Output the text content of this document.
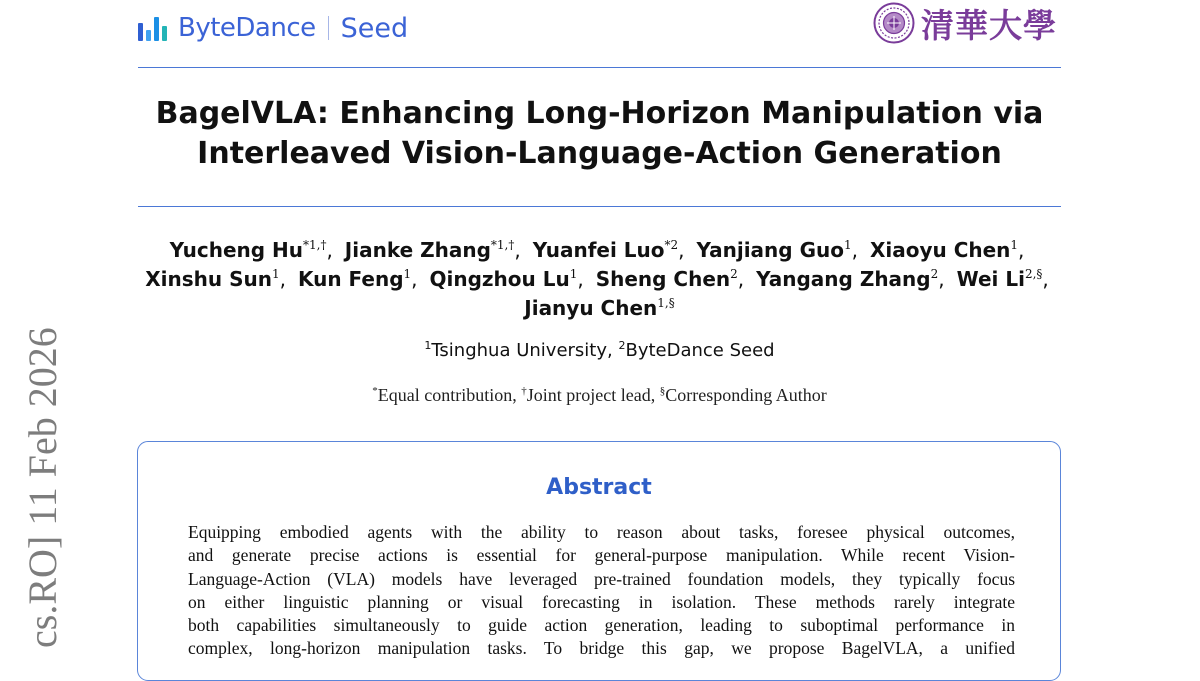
ByteDance Seed	清華大學
BagelVLA: Enhancing Long-Horizon Manipulation via
Interleaved Vision-Language-Action Generation
Yucheng $Hu^{*1,\dagger}$, Jianke Zhang$^{*1,\dagger}$, Yuanfei Luo$^{*2}$, Yanjiang Guo$^1$, Xiaoyu Chen$^1$,
Xinshu Sun$^1$, Kun Feng$^1$, Qingzhou Lu$^1$, Sheng Chen$^2$, Yangang Zhang$^2$, Wei $Li^{2,\S}$,
Jianyu Chen$^{1,\S}$
$^1$Tsinghua University, $^2$ByteDance Seed
*Equal contribution, †Joint project lead, §Corresponding Author
Abstract
Equipping embodied agents with the ability to reason about tasks, foresee physical outcomes,
and generate precise actions is essential for general-purpose manipulation. While recent Vision-
Language-Action (VLA) models have leveraged pre-trained foundation models, they typically focus
on either linguistic planning or visual forecasting in isolation. These methods rarely integrate
both capabilities simultaneously to guide action generation, leading to suboptimal performance in
complex, long-horizon manipulation tasks. To bridge this gap, we propose BagelVLA, a unified
cs.RO] 11 Feb 2026
